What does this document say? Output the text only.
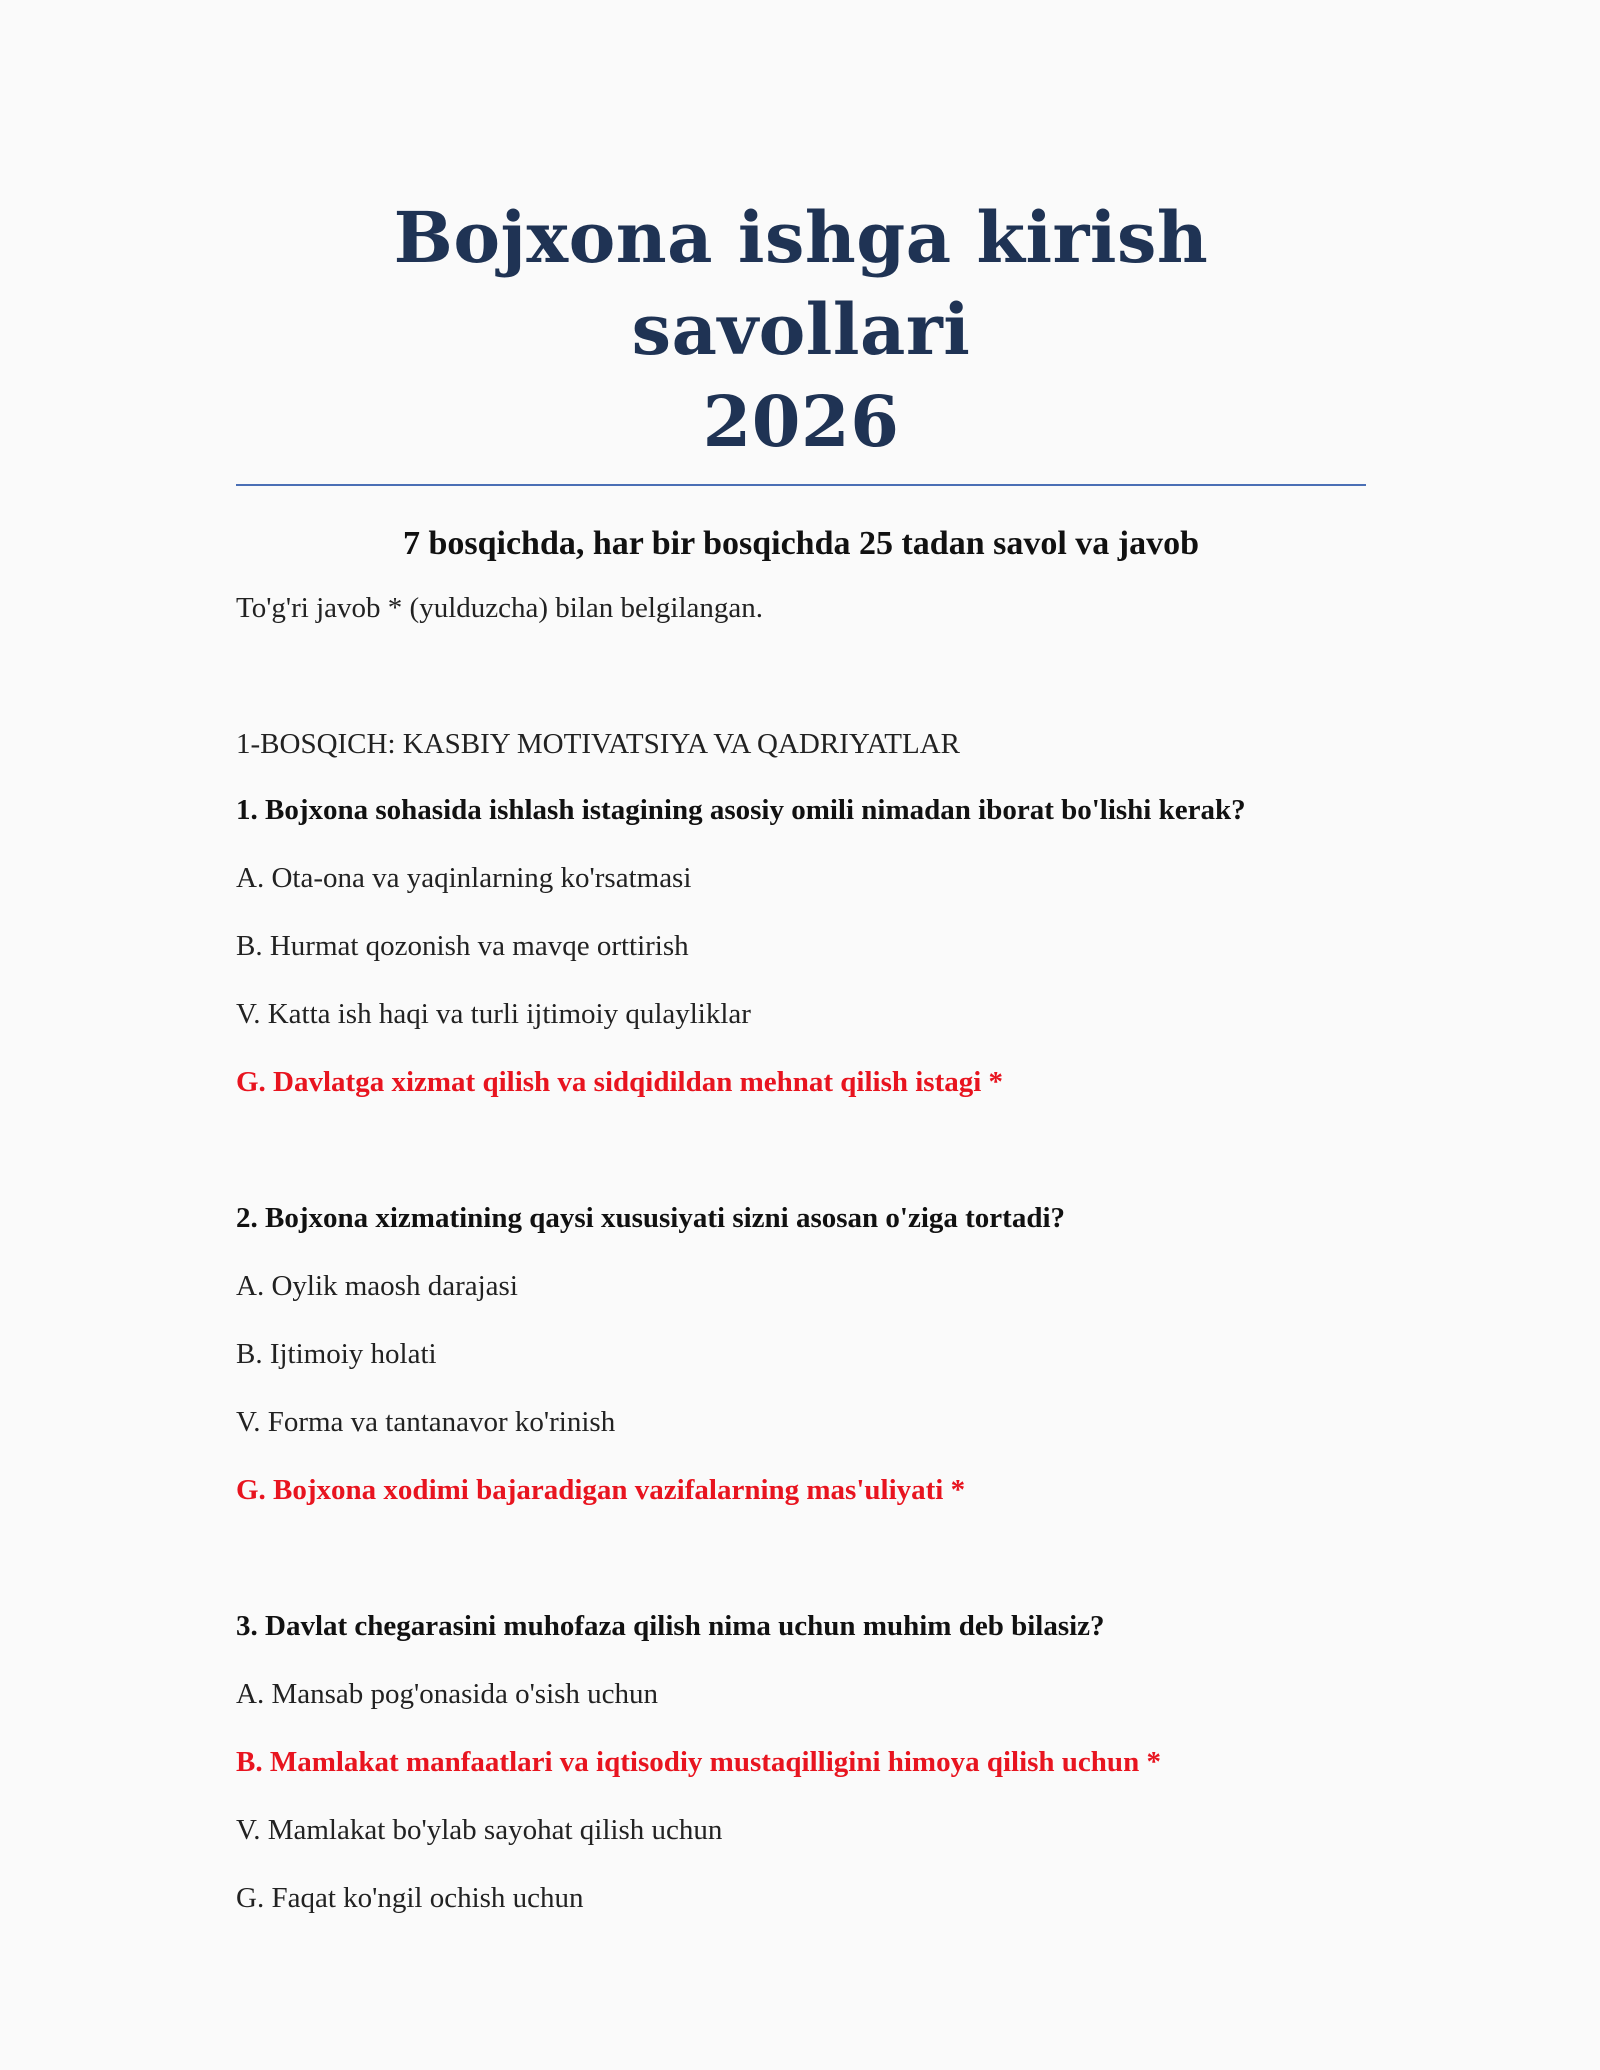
Bojxona ishga kirish savollari
2026
7 bosqichda, har bir bosqichda 25 tadan savol va javob
To'g'ri javob * (yulduzcha) bilan belgilangan.
1-BOSQICH: KASBIY MOTIVATSIYA VA QADRIYATLAR
1. Bojxona sohasida ishlash istagining asosiy omili nimadan iborat bo'lishi kerak?
A. Ota-ona va yaqinlarning ko'rsatmasi
B. Hurmat qozonish va mavqe orttirish
V. Katta ish haqi va turli ijtimoiy qulayliklar
G. Davlatga xizmat qilish va sidqidildan mehnat qilish istagi *
2. Bojxona xizmatining qaysi xususiyati sizni asosan o'ziga tortadi?
A. Oylik maosh darajasi
B. Ijtimoiy holati
V. Forma va tantanavor ko'rinish
G. Bojxona xodimi bajaradigan vazifalarning mas'uliyati *
3. Davlat chegarasini muhofaza qilish nima uchun muhim deb bilasiz?
A. Mansab pog'onasida o'sish uchun
B. Mamlakat manfaatlari va iqtisodiy mustaqilligini himoya qilish uchun *
V. Mamlakat bo'ylab sayohat qilish uchun
G. Faqat ko'ngil ochish uchun
